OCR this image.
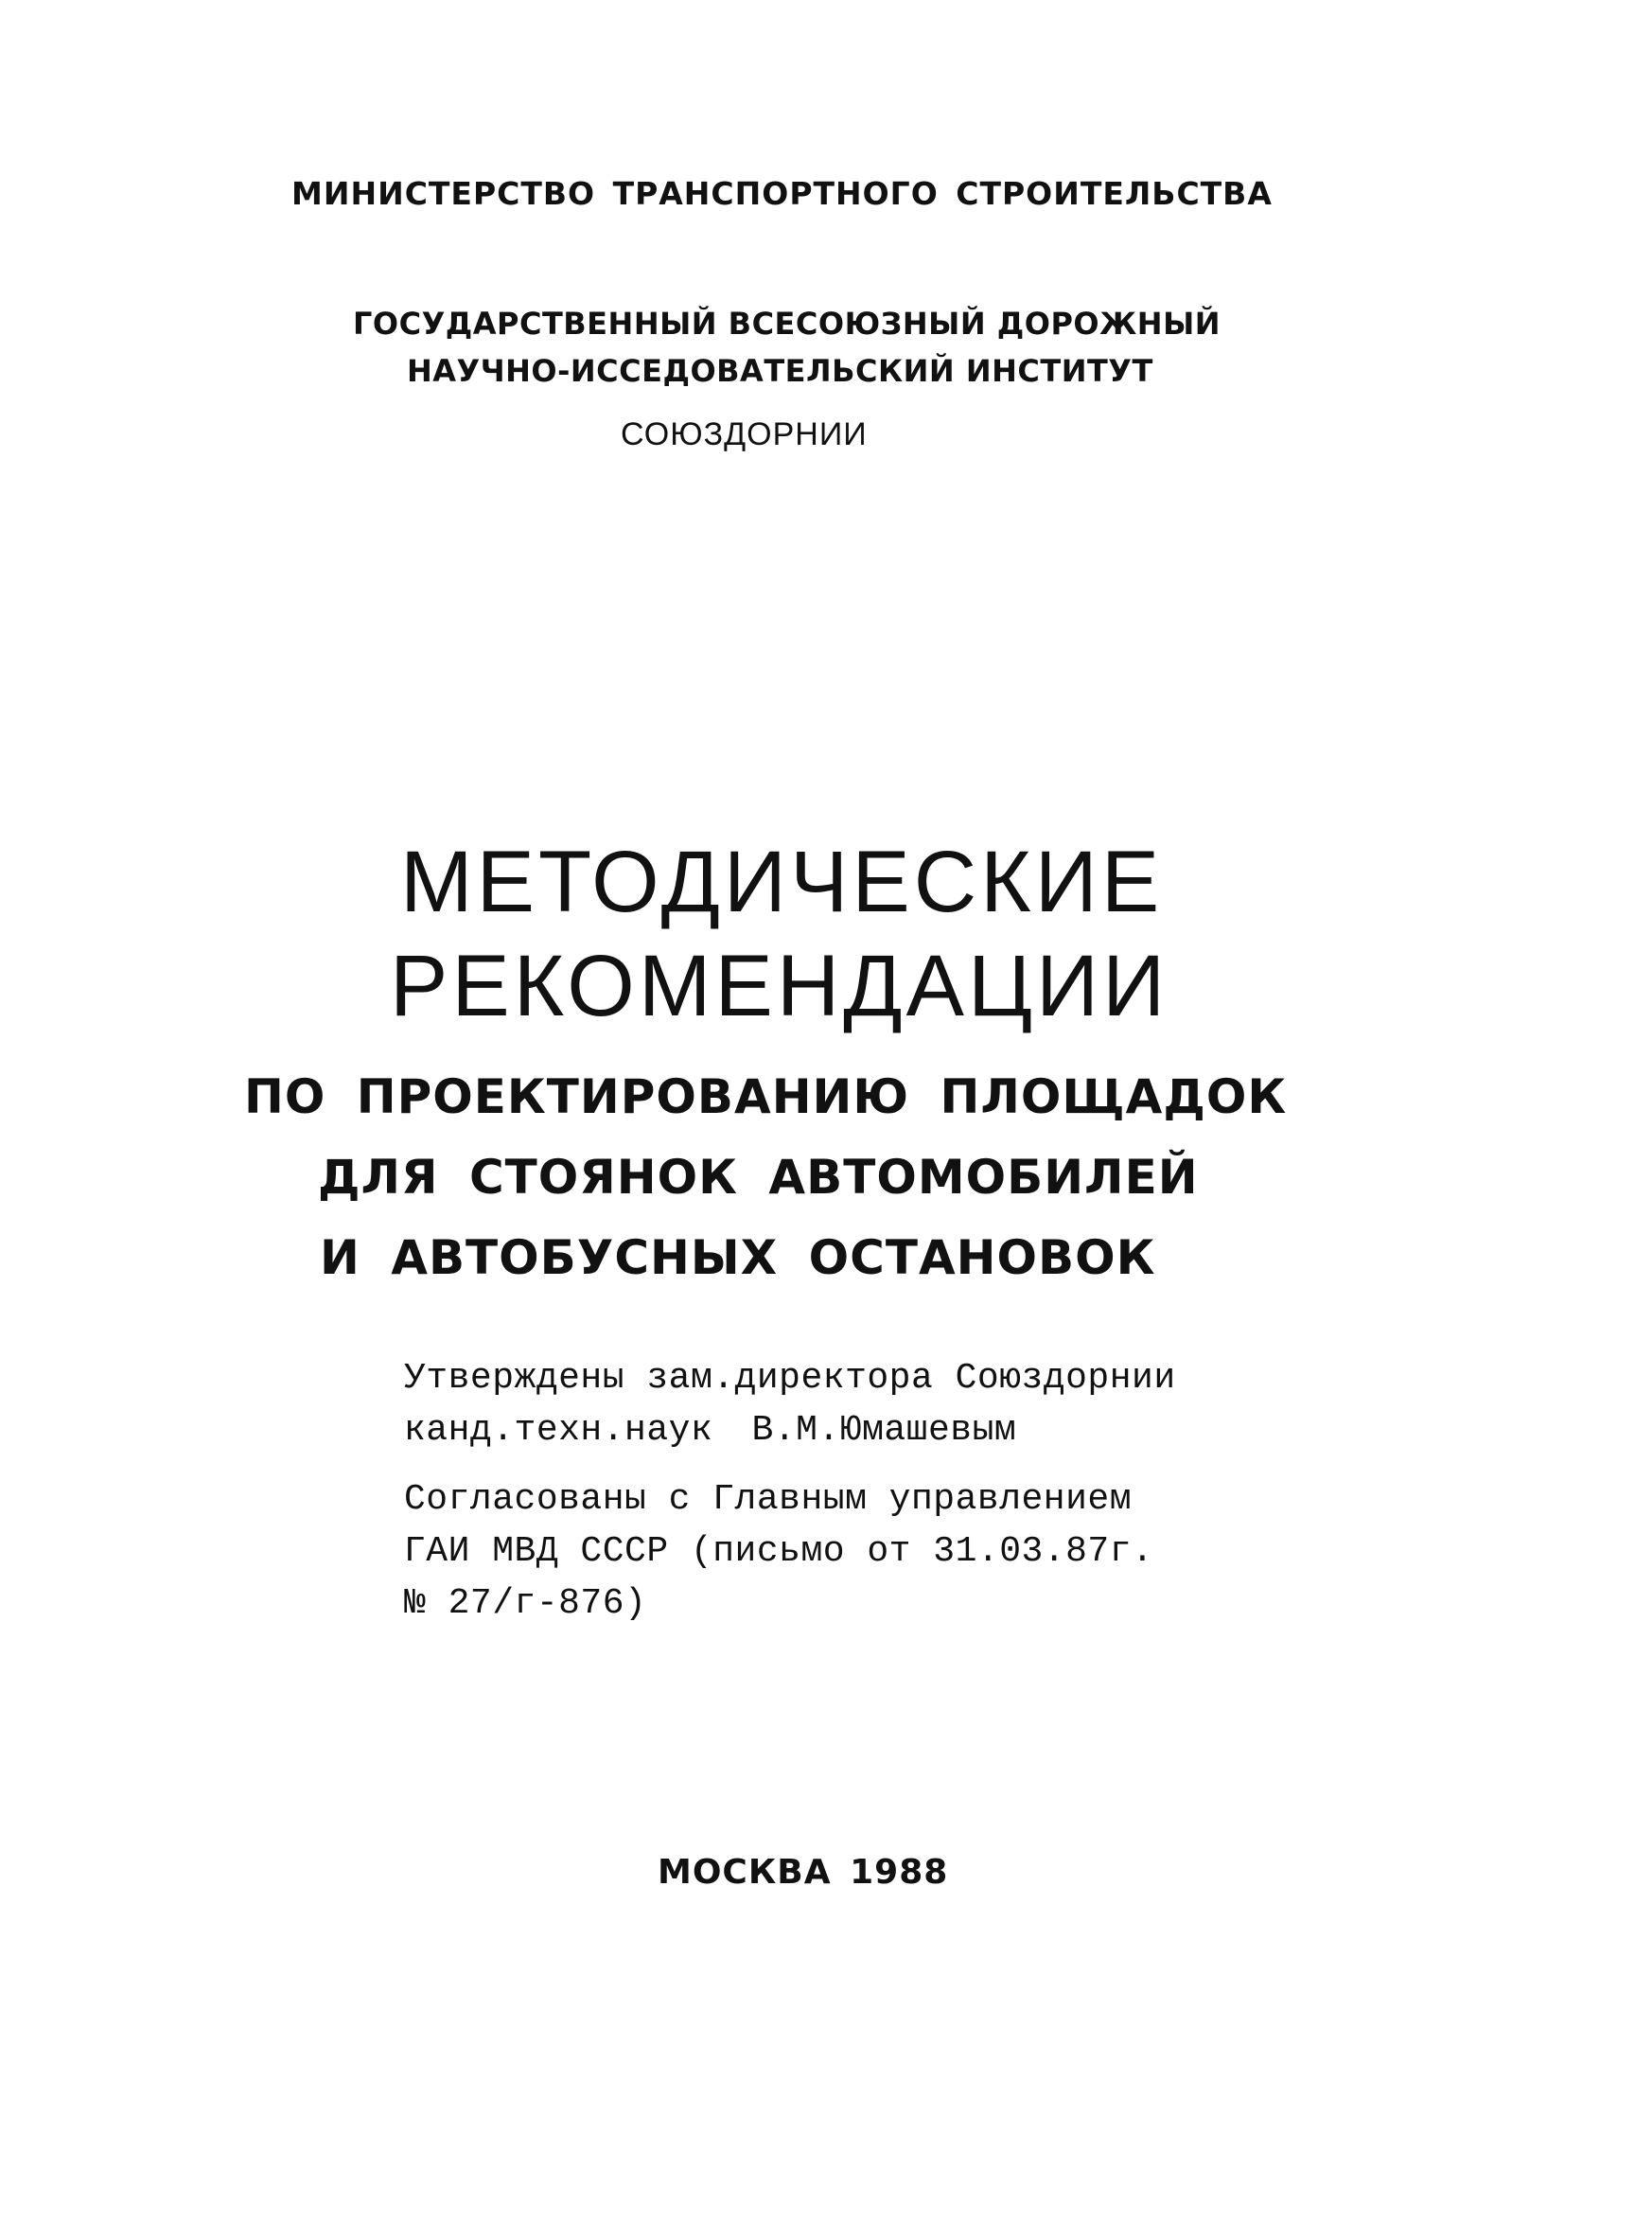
МИНИСТЕРСТВО ТРАНСПОРТНОГО СТРОИТЕЛЬСТВА

ГОСУДАРСТВЕННЫЙ ВСЕСОЮЗНЫЙ ДОРОЖНЫЙ

НАУЧНО-ИССЕДОВАТЕЛЬСКИЙ ИНСТИТУТ

СОЮЗДОРНИИ

МЕТОДИЧЕСКИЕ
РЕКОМЕНДАЦИИ
ПО ПРОЕКТИРОВАНИЮ ПЛОЩАДОК
ДЛЯ СТОЯНОК АВТОМОБИЛЕЙ
И АВТОБУСНЫХ ОСТАНОВОК

Утверждены зам.директора Союздорнии

канд.техн.наук В.М.Юмашевым

Согласованы с Главным управлением

ГАИ МВД СССР (письмо от 31.03.87г.

№ 27/г-876)

МОСКВА 1988
